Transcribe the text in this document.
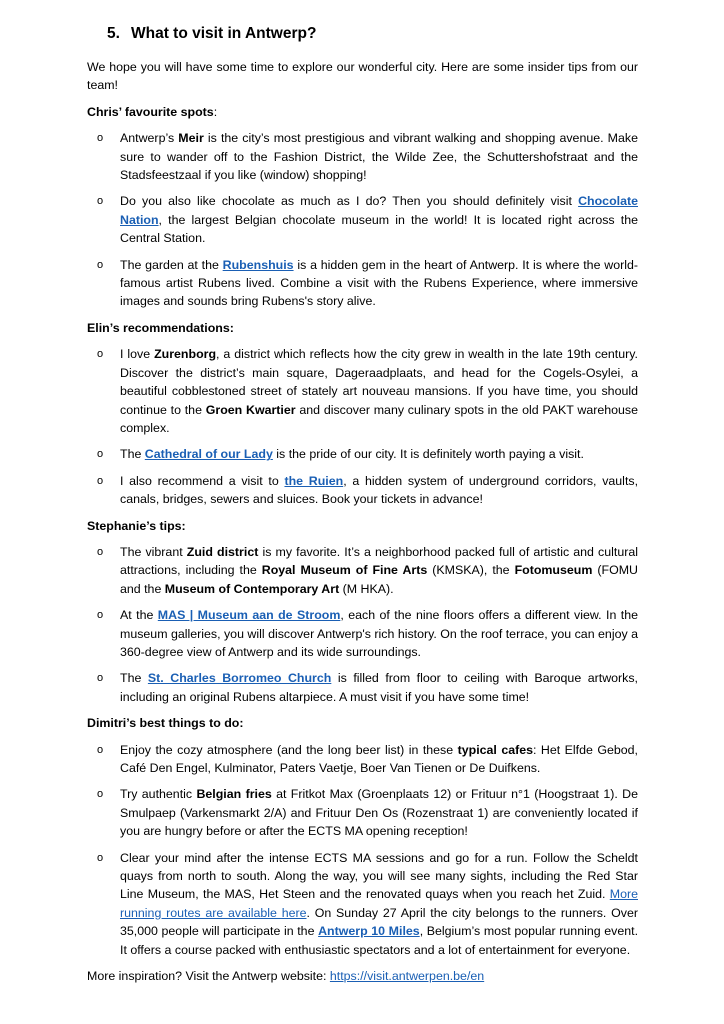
5. What to visit in Antwerp?

We hope you will have some time to explore our wonderful city. Here are some insider tips from our team!

Chris’ favourite spots:
o Antwerp’s Meir is the city’s most prestigious and vibrant walking and shopping avenue. Make sure to wander off to the Fashion District, the Wilde Zee, the Schuttershofstraat and the Stadsfeestzaal if you like (window) shopping!
o Do you also like chocolate as much as I do? Then you should definitely visit Chocolate Nation, the largest Belgian chocolate museum in the world! It is located right across the Central Station.
o The garden at the Rubenshuis is a hidden gem in the heart of Antwerp. It is where the world-famous artist Rubens lived. Combine a visit with the Rubens Experience, where immersive images and sounds bring Rubens's story alive.
Elin’s recommendations:
o I love Zurenborg, a district which reflects how the city grew in wealth in the late 19th century. Discover the district’s main square, Dageraadplaats, and head for the Cogels-Osylei, a beautiful cobblestoned street of stately art nouveau mansions. If you have time, you should continue to the Groen Kwartier and discover many culinary spots in the old PAKT warehouse complex.
o The Cathedral of our Lady is the pride of our city. It is definitely worth paying a visit.
o I also recommend a visit to the Ruien, a hidden system of underground corridors, vaults, canals, bridges, sewers and sluices. Book your tickets in advance!
Stephanie’s tips:
o The vibrant Zuid district is my favorite. It’s a neighborhood packed full of artistic and cultural attractions, including the Royal Museum of Fine Arts (KMSKA), the Fotomuseum (FOMU and the Museum of Contemporary Art (M HKA).
o At the MAS | Museum aan de Stroom, each of the nine floors offers a different view. In the museum galleries, you will discover Antwerp's rich history. On the roof terrace, you can enjoy a 360-degree view of Antwerp and its wide surroundings.
o The St. Charles Borromeo Church is filled from floor to ceiling with Baroque artworks, including an original Rubens altarpiece. A must visit if you have some time!
Dimitri’s best things to do:
o Enjoy the cozy atmosphere (and the long beer list) in these typical cafes: Het Elfde Gebod, Café Den Engel, Kulminator, Paters Vaetje, Boer Van Tienen or De Duifkens.
o Try authentic Belgian fries at Fritkot Max (Groenplaats 12) or Frituur n°1 (Hoogstraat 1). De Smulpaep (Varkensmarkt 2/A) and Frituur Den Os (Rozenstraat 1) are conveniently located if you are hungry before or after the ECTS MA opening reception!
o Clear your mind after the intense ECTS MA sessions and go for a run. Follow the Scheldt quays from north to south. Along the way, you will see many sights, including the Red Star Line Museum, the MAS, Het Steen and the renovated quays when you reach het Zuid. More running routes are available here. On Sunday 27 April the city belongs to the runners. Over 35,000 people will participate in the Antwerp 10 Miles, Belgium’s most popular running event. It offers a course packed with enthusiastic spectators and a lot of entertainment for everyone.

More inspiration? Visit the Antwerp website: https://visit.antwerpen.be/en
